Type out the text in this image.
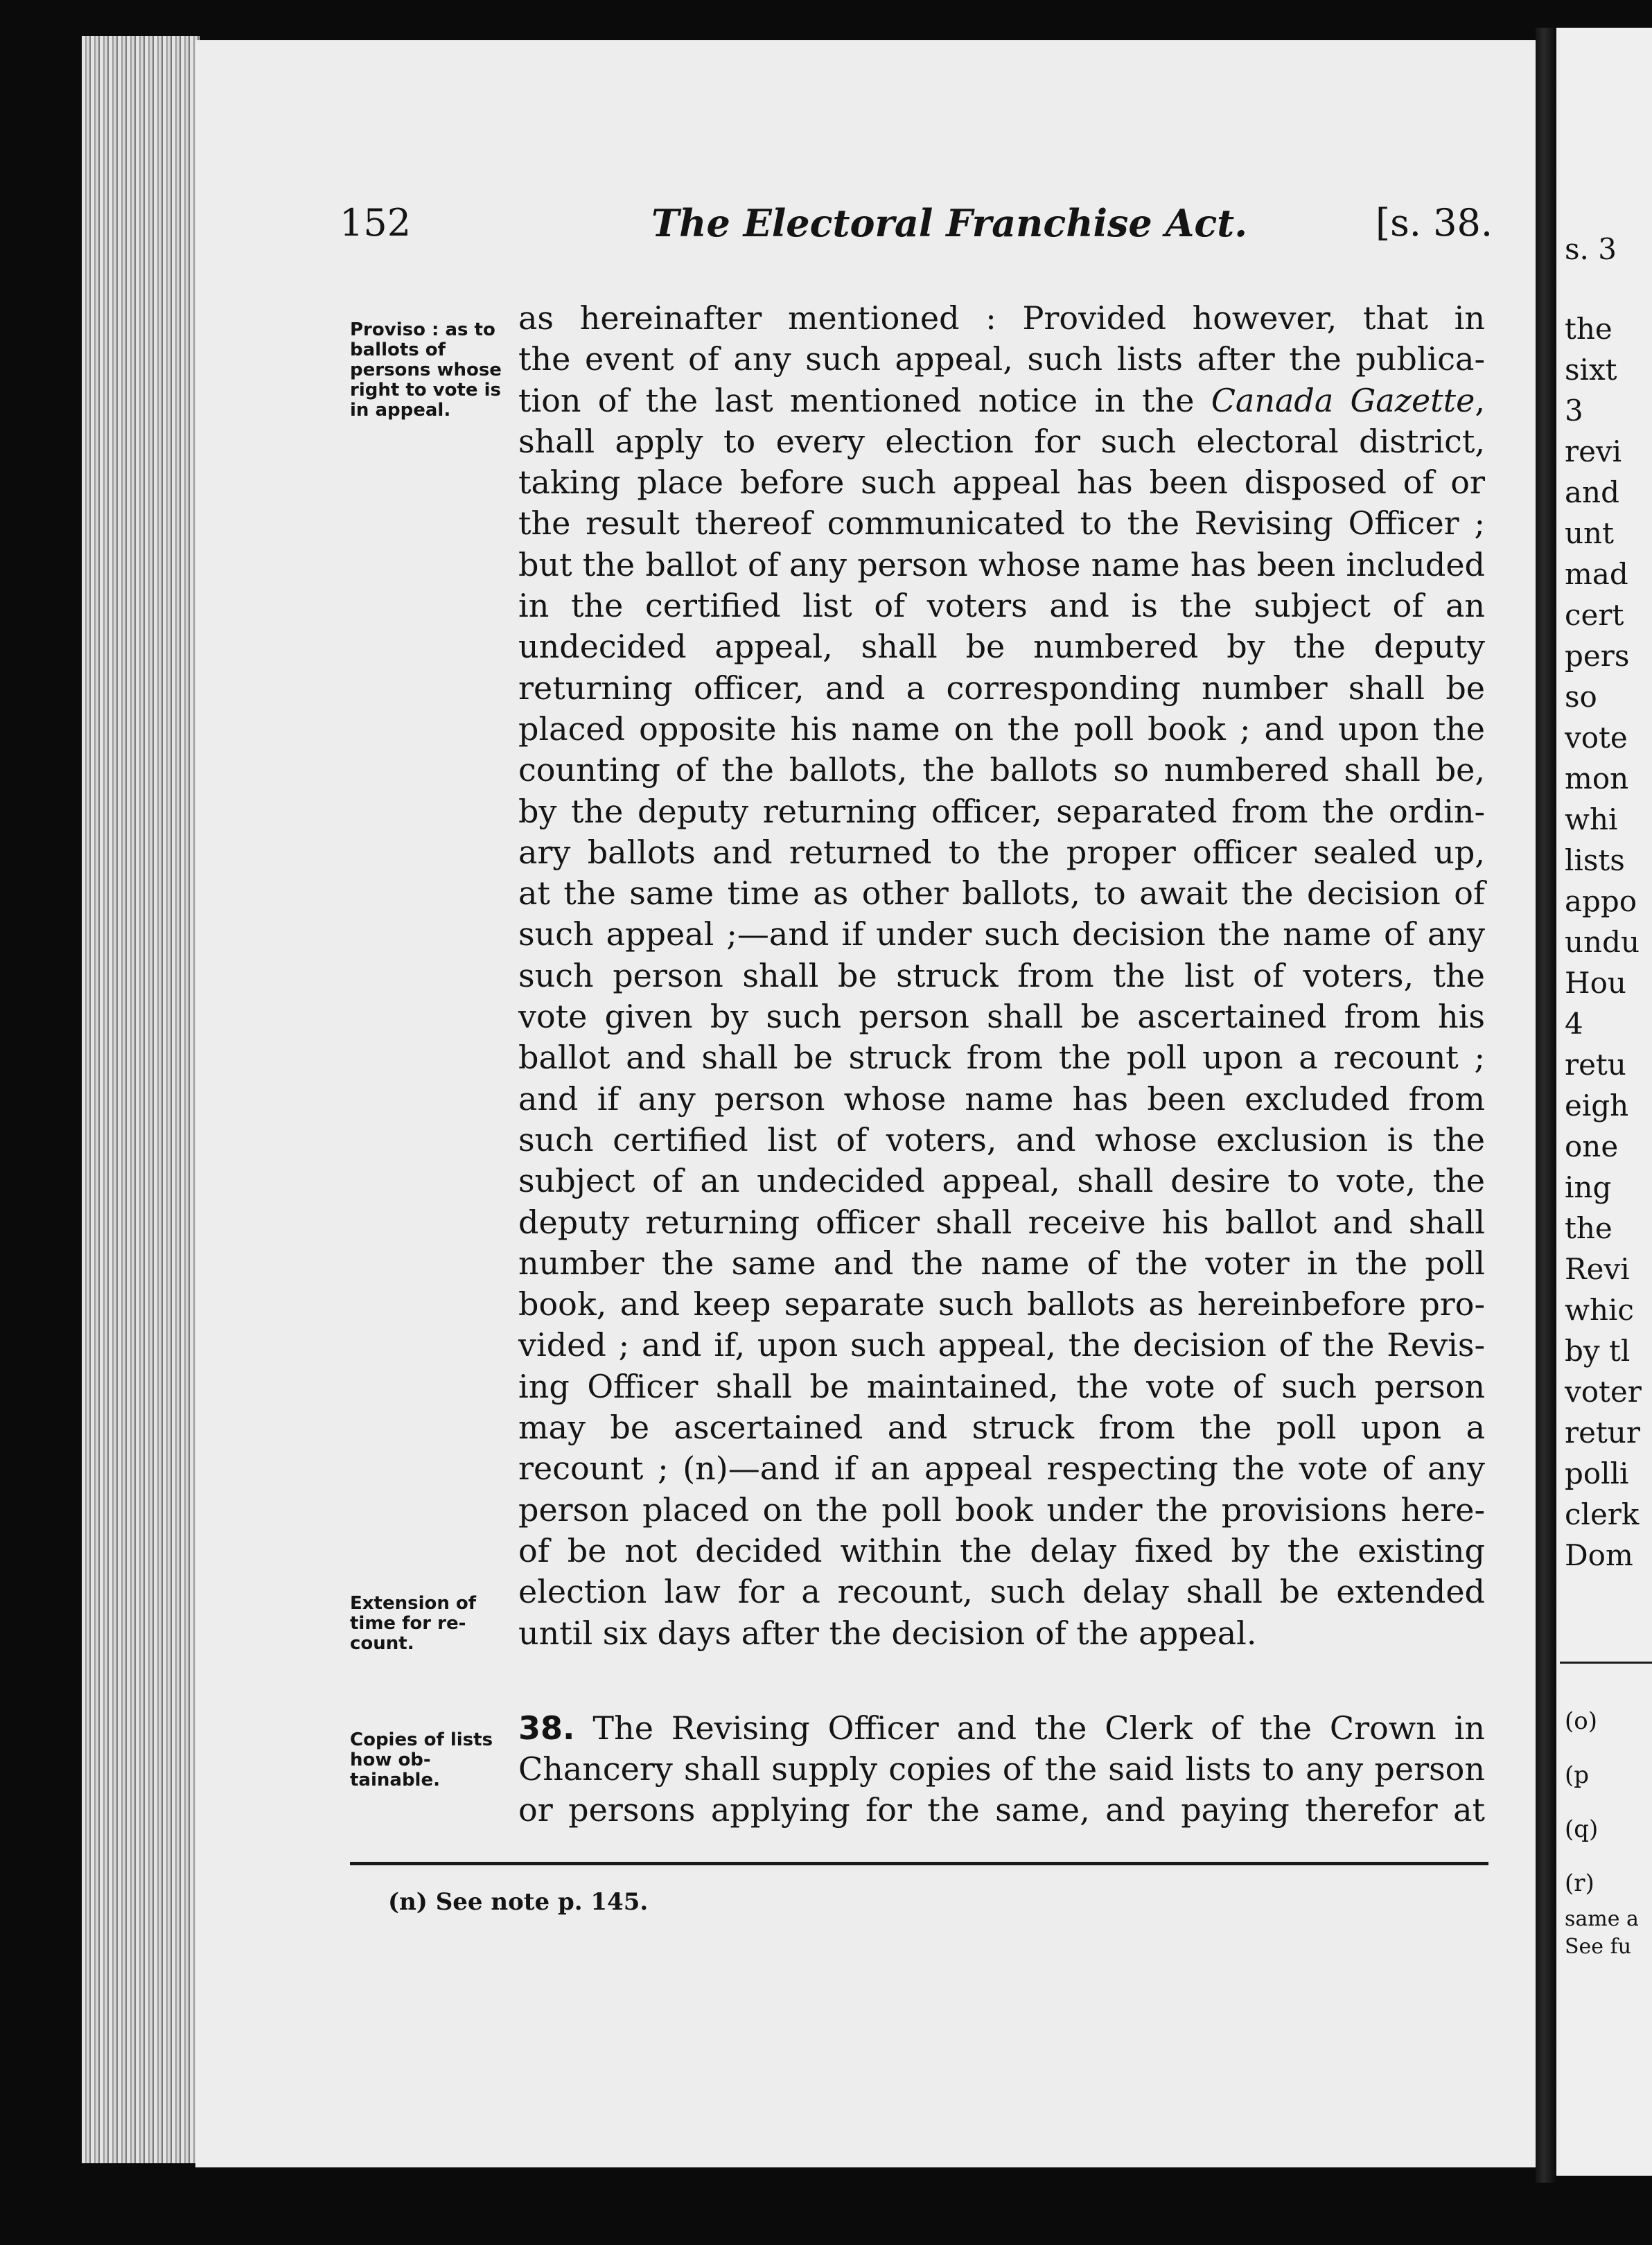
152	The Electoral Franchise Act.	[s. 38.
Proviso : as to ballots of persons whose right to vote is in appeal.
Extension of time for recount.
Copies of lists how obtainable.
as hereinafter mentioned : Provided however, that in
the event of any such appeal, such lists after the publica-
tion of the last mentioned notice in the Canada Gazette,
shall apply to every election for such electoral district,
taking place before such appeal has been disposed of or
the result thereof communicated to the Revising Officer ;
but the ballot of any person whose name has been included
in the certified list of voters and is the subject of an
undecided appeal, shall be numbered by the deputy
returning officer, and a corresponding number shall be
placed opposite his name on the poll book ; and upon the
counting of the ballots, the ballots so numbered shall be,
by the deputy returning officer, separated from the ordin-
ary ballots and returned to the proper officer sealed up,
at the same time as other ballots, to await the decision of
such appeal ;—and if under such decision the name of any
such person shall be struck from the list of voters, the
vote given by such person shall be ascertained from his
ballot and shall be struck from the poll upon a recount ;
and if any person whose name has been excluded from
such certified list of voters, and whose exclusion is the
subject of an undecided appeal, shall desire to vote, the
deputy returning officer shall receive his ballot and shall
number the same and the name of the voter in the poll
book, and keep separate such ballots as hereinbefore pro-
vided ; and if, upon such appeal, the decision of the Revis-
ing Officer shall be maintained, the vote of such person
may be ascertained and struck from the poll upon a
recount ; (n)—and if an appeal respecting the vote of any
person placed on the poll book under the provisions here-
of be not decided within the delay fixed by the existing
election law for a recount, such delay shall be extended
until six days after the decision of the appeal.
38. The Revising Officer and the Clerk of the Crown in
Chancery shall supply copies of the said lists to any person
or persons applying for the same, and paying therefor at
(n) See note p. 145.
s. 3
the
sixt
3
revi
and
unt
mad
cert
pers
so
vote
mon
whi
lists
appo
undu
Hou
4
retu
eigh
one
ing
the
Revi
whic
by tl
voter
retur
polli
clerk
Dom

(o)
(p
(q)
(r)

same a
See fu
